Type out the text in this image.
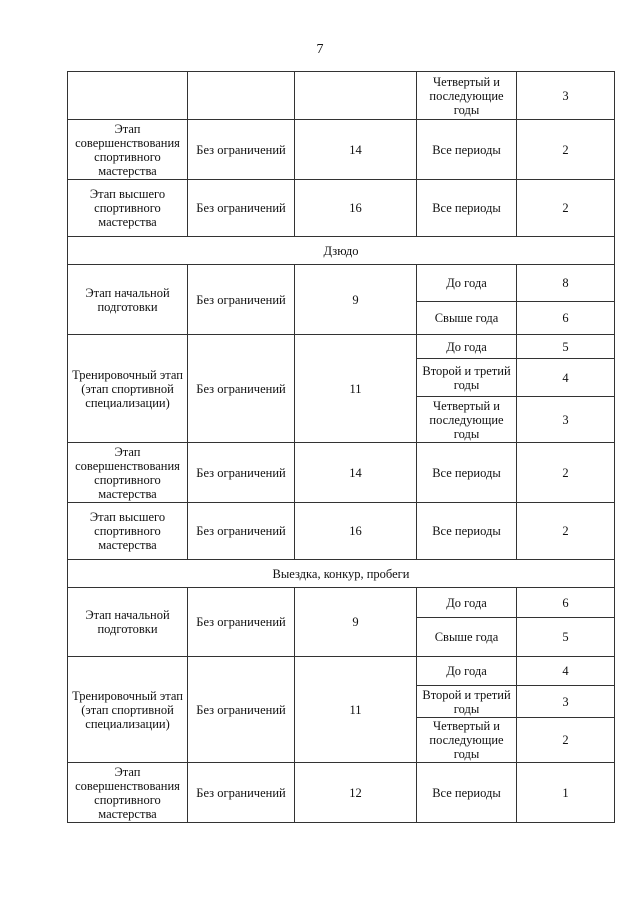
7
			Четвертый и последующие годы	3
Этап совершенствования спортивного мастерства	Без ограничений	14	Все периоды	2
Этап высшего спортивного мастерства	Без ограничений	16	Все периоды	2
Дзюдо				
Этап начальной подготовки	Без ограничений	9	До года	8
			Свыше года	6
Тренировочный этап (этап спортивной специализации)	Без ограничений	11	До года	5
			Второй и третий годы	4
			Четвертый и последующие годы	3
Этап совершенствования спортивного мастерства	Без ограничений	14	Все периоды	2
Этап высшего спортивного мастерства	Без ограничений	16	Все периоды	2
Выездка, конкур, пробеги				
Этап начальной подготовки	Без ограничений	9	До года	6
			Свыше года	5
Тренировочный этап (этап спортивной специализации)	Без ограничений	11	До года	4
			Второй и третий годы	3
			Четвертый и последующие годы	2
Этап совершенствования спортивного мастерства	Без ограничений	12	Все периоды	1
